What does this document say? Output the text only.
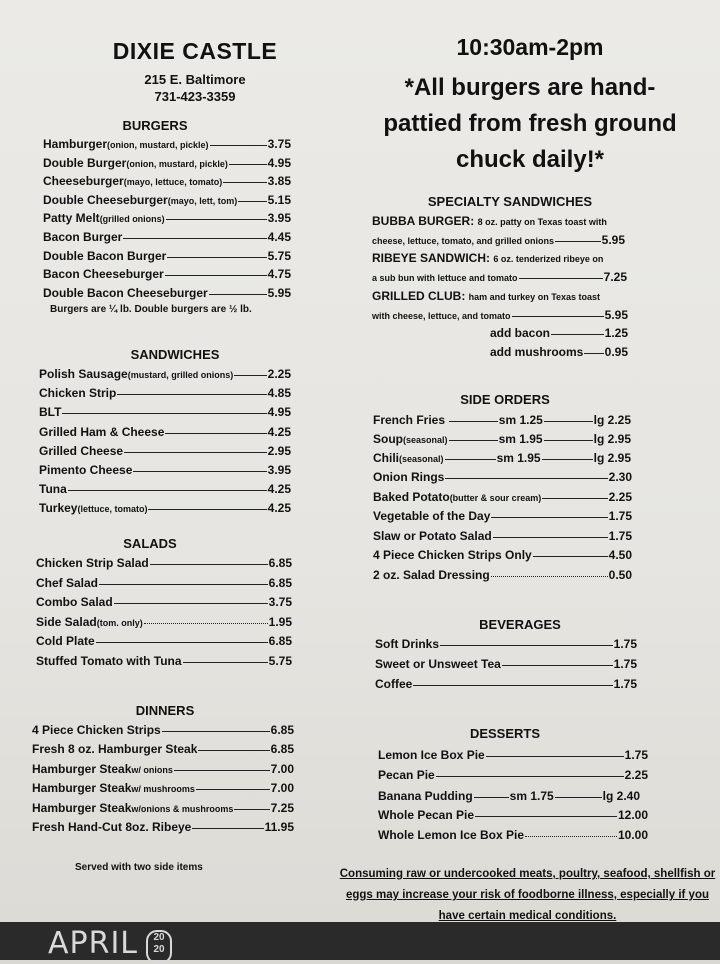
DIXIE CASTLE
215 E. Baltimore
731-423-3359
10:30am-2pm
*All burgers are hand-pattied from fresh ground chuck daily!*
BURGERS
Hamburger (onion, mustard, pickle)	3.75
Double Burger (onion, mustard, pickle)	4.95
Cheeseburger (mayo, lettuce, tomato)	3.85
Double Cheeseburger (mayo, lett, tom)	5.15
Patty Melt (grilled onions)	3.95
Bacon Burger	4.45
Double Bacon Burger	5.75
Bacon Cheeseburger	4.75
Double Bacon Cheeseburger	5.95
Burgers are ¼ lb. Double burgers are ½ lb.
SANDWICHES
Polish Sausage (mustard, grilled onions)	2.25
Chicken Strip	4.85
BLT	4.95
Grilled Ham & Cheese	4.25
Grilled Cheese	2.95
Pimento Cheese	3.95
Tuna	4.25
Turkey (lettuce, tomato)	4.25
SALADS
Chicken Strip Salad	6.85
Chef Salad	6.85
Combo Salad	3.75
Side Salad (tom. only)	1.95
Cold Plate	6.85
Stuffed Tomato with Tuna	5.75
DINNERS
4 Piece Chicken Strips	6.85
Fresh 8 oz. Hamburger Steak	6.85
Hamburger Steak w/ onions	7.00
Hamburger Steak w/ mushrooms	7.00
Hamburger Steak w/onions & mushrooms	7.25
Fresh Hand-Cut 8oz. Ribeye	11.95
Served with two side items
SPECIALTY SANDWICHES
BUBBA BURGER:
8 oz. patty on Texas toast with
cheese, lettuce, tomato, and grilled onions	5.95
RIBEYE SANDWICH:
6 oz. tenderized ribeye on
a sub bun with lettuce and tomato	7.25
GRILLED CLUB:
ham and turkey on Texas toast
with cheese, lettuce, and tomato	5.95
add bacon	1.25
add mushrooms 0.95
SIDE ORDERS
French Fries	sm 1.25	lg 2.25
Soup (seasonal)	sm 1.95	lg 2.95
Chili (seasonal)	sm 1.95	lg 2.95
Onion Rings	2.30
Baked Potato (butter & sour cream)	2.25
Vegetable of the Day	1.75
Slaw or Potato Salad	1.75
4 Piece Chicken Strips Only	4.50
2 oz. Salad Dressing	0.50
BEVERAGES
Soft Drinks	1.75
Sweet or Unsweet Tea	1.75
Coffee	1.75
DESSERTS
Lemon Ice Box Pie	1.75
Pecan Pie	2.25
Whole Pecan Pie	12.00
Whole Lemon Ice Box Pie	10.00
Banana Pudding	sm 1.75	lg 2.40
Consuming raw or undercooked meats, poultry, seafood, shellfish or eggs may increase your risk of foodborne illness, especially if you have certain medical conditions.
APRIL	20
20
